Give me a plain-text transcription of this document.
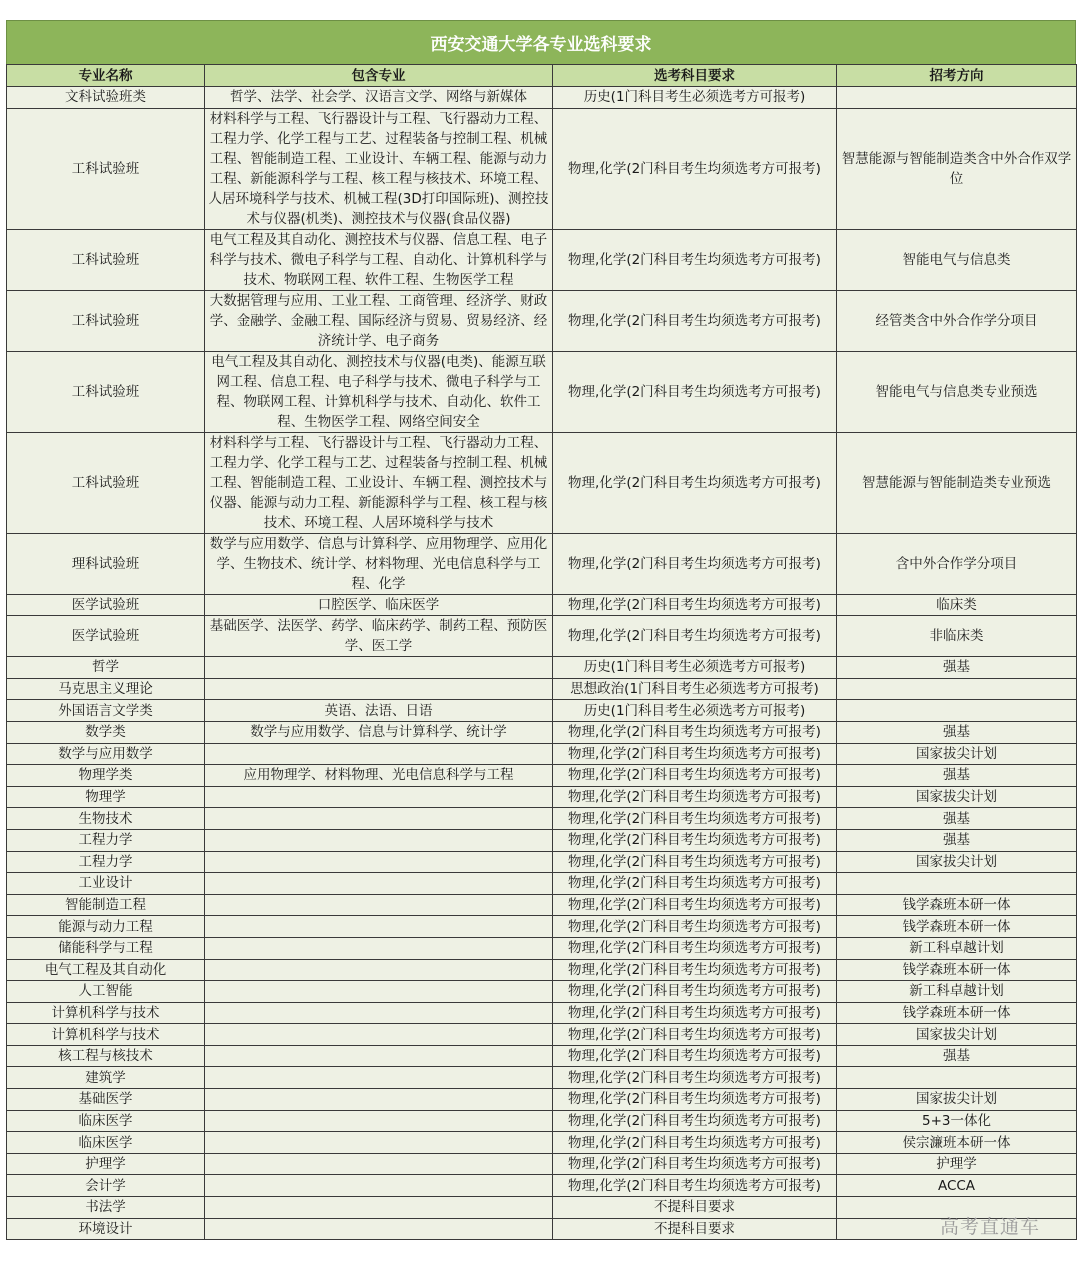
西安交通大学各专业选科要求
专业名称	包含专业	选考科目要求	招考方向
文科试验班类	哲学、法学、社会学、汉语言文学、网络与新媒体	历史(1门科目考生必须选考方可报考)	
工科试验班	材料科学与工程、飞行器设计与工程、飞行器动力工程、工程力学、化学工程与工艺、过程装备与控制工程、机械工程、智能制造工程、工业设计、车辆工程、能源与动力工程、新能源科学与工程、核工程与核技术、环境工程、人居环境科学与技术、机械工程(3D打印国际班)、测控技术与仪器(机类)、测控技术与仪器(食品仪器)	物理,化学(2门科目考生均须选考方可报考)	智慧能源与智能制造类含中外合作双学位
工科试验班	电气工程及其自动化、测控技术与仪器、信息工程、电子科学与技术、微电子科学与工程、自动化、计算机科学与技术、物联网工程、软件工程、生物医学工程	物理,化学(2门科目考生均须选考方可报考)	智能电气与信息类
工科试验班	大数据管理与应用、工业工程、工商管理、经济学、财政学、金融学、金融工程、国际经济与贸易、贸易经济、经济统计学、电子商务	物理,化学(2门科目考生均须选考方可报考)	经管类含中外合作学分项目
工科试验班	电气工程及其自动化、测控技术与仪器(电类)、能源互联网工程、信息工程、电子科学与技术、微电子科学与工程、物联网工程、计算机科学与技术、自动化、软件工程、生物医学工程、网络空间安全	物理,化学(2门科目考生均须选考方可报考)	智能电气与信息类专业预选
工科试验班	材料科学与工程、飞行器设计与工程、飞行器动力工程、工程力学、化学工程与工艺、过程装备与控制工程、机械工程、智能制造工程、工业设计、车辆工程、测控技术与仪器、能源与动力工程、新能源科学与工程、核工程与核技术、环境工程、人居环境科学与技术	物理,化学(2门科目考生均须选考方可报考)	智慧能源与智能制造类专业预选
理科试验班	数学与应用数学、信息与计算科学、应用物理学、应用化学、生物技术、统计学、材料物理、光电信息科学与工程、化学	物理,化学(2门科目考生均须选考方可报考)	含中外合作学分项目
医学试验班	口腔医学、临床医学	物理,化学(2门科目考生均须选考方可报考)	临床类
医学试验班	基础医学、法医学、药学、临床药学、制药工程、预防医学、医工学	物理,化学(2门科目考生均须选考方可报考)	非临床类
哲学		历史(1门科目考生必须选考方可报考)	强基
马克思主义理论		思想政治(1门科目考生必须选考方可报考)	
外国语言文学类	英语、法语、日语	历史(1门科目考生必须选考方可报考)	
数学类	数学与应用数学、信息与计算科学、统计学	物理,化学(2门科目考生均须选考方可报考)	强基
数学与应用数学		物理,化学(2门科目考生均须选考方可报考)	国家拔尖计划
物理学类	应用物理学、材料物理、光电信息科学与工程	物理,化学(2门科目考生均须选考方可报考)	强基
物理学		物理,化学(2门科目考生均须选考方可报考)	国家拔尖计划
生物技术		物理,化学(2门科目考生均须选考方可报考)	强基
工程力学		物理,化学(2门科目考生均须选考方可报考)	强基
工程力学		物理,化学(2门科目考生均须选考方可报考)	国家拔尖计划
工业设计		物理,化学(2门科目考生均须选考方可报考)	
智能制造工程		物理,化学(2门科目考生均须选考方可报考)	钱学森班本研一体
能源与动力工程		物理,化学(2门科目考生均须选考方可报考)	钱学森班本研一体
储能科学与工程		物理,化学(2门科目考生均须选考方可报考)	新工科卓越计划
电气工程及其自动化		物理,化学(2门科目考生均须选考方可报考)	钱学森班本研一体
人工智能		物理,化学(2门科目考生均须选考方可报考)	新工科卓越计划
计算机科学与技术		物理,化学(2门科目考生均须选考方可报考)	钱学森班本研一体
计算机科学与技术		物理,化学(2门科目考生均须选考方可报考)	国家拔尖计划
核工程与核技术		物理,化学(2门科目考生均须选考方可报考)	强基
建筑学		物理,化学(2门科目考生均须选考方可报考)	
基础医学		物理,化学(2门科目考生均须选考方可报考)	国家拔尖计划
临床医学		物理,化学(2门科目考生均须选考方可报考)	5+3一体化
临床医学		物理,化学(2门科目考生均须选考方可报考)	侯宗濂班本研一体
护理学		物理,化学(2门科目考生均须选考方可报考)	护理学
会计学		物理,化学(2门科目考生均须选考方可报考)	ACCA
书法学		不提科目要求	
环境设计		不提科目要求		高考直通车
